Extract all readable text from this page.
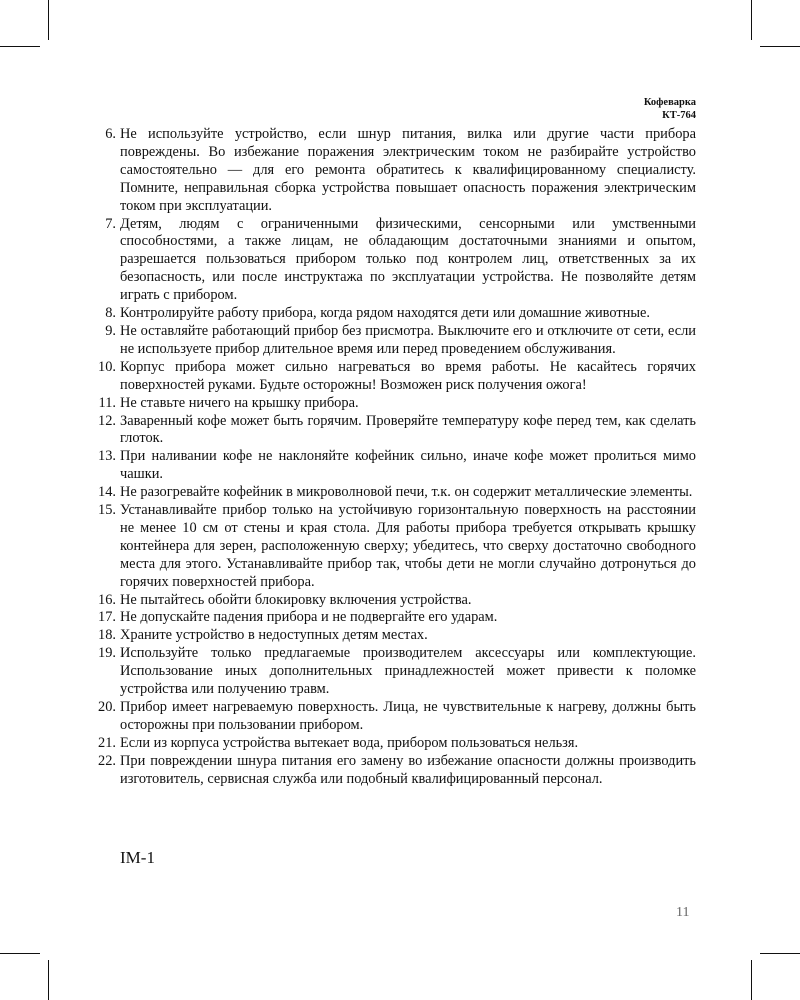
Кофеварка
КТ-764
6. Не используйте устройство, если шнур питания, вилка или другие части прибора повреждены. Во избежание поражения электрическим током не разбирайте устройство самостоятельно — для его ремонта обратитесь к квалифицированному специалисту. Помните, неправильная сборка устройства повышает опасность поражения электрическим током при эксплуатации.
7. Детям, людям с ограниченными физическими, сенсорными или умственными способностями, а также лицам, не обладающим достаточными знаниями и опытом, разрешается пользоваться прибором только под контролем лиц, ответственных за их безопасность, или после инструктажа по эксплуатации устройства. Не позволяйте детям играть с прибором.
8. Контролируйте работу прибора, когда рядом находятся дети или домашние животные.
9. Не оставляйте работающий прибор без присмотра. Выключите его и отключите от сети, если не используете прибор длительное время или перед проведением обслуживания.
10. Корпус прибора может сильно нагреваться во время работы. Не касайтесь горячих поверхностей руками. Будьте осторожны! Возможен риск получения ожога!
11. Не ставьте ничего на крышку прибора.
12. Заваренный кофе может быть горячим. Проверяйте температуру кофе перед тем, как сделать глоток.
13. При наливании кофе не наклоняйте кофейник сильно, иначе кофе может пролиться мимо чашки.
14. Не разогревайте кофейник в микроволновой печи, т.к. он содержит металлические элементы.
15. Устанавливайте прибор только на устойчивую горизонтальную поверхность на расстоянии не менее 10 см от стены и края стола. Для работы прибора требуется открывать крышку контейнера для зерен, расположенную сверху; убедитесь, что сверху достаточно свободного места для этого. Устанавливайте прибор так, чтобы дети не могли случайно дотронуться до горячих поверхностей прибора.
16. Не пытайтесь обойти блокировку включения устройства.
17. Не допускайте падения прибора и не подвергайте его ударам.
18. Храните устройство в недоступных детям местах.
19. Используйте только предлагаемые производителем аксессуары или комплектующие. Использование иных дополнительных принадлежностей может привести к поломке устройства или получению травм.
20. Прибор имеет нагреваемую поверхность. Лица, не чувствительные к нагреву, должны быть осторожны при пользовании прибором.
21. Если из корпуса устройства вытекает вода, прибором пользоваться нельзя.
22. При повреждении шнура питания его замену во избежание опасности должны производить изготовитель, сервисная служба или подобный квалифицированный персонал.
IM-1
11
